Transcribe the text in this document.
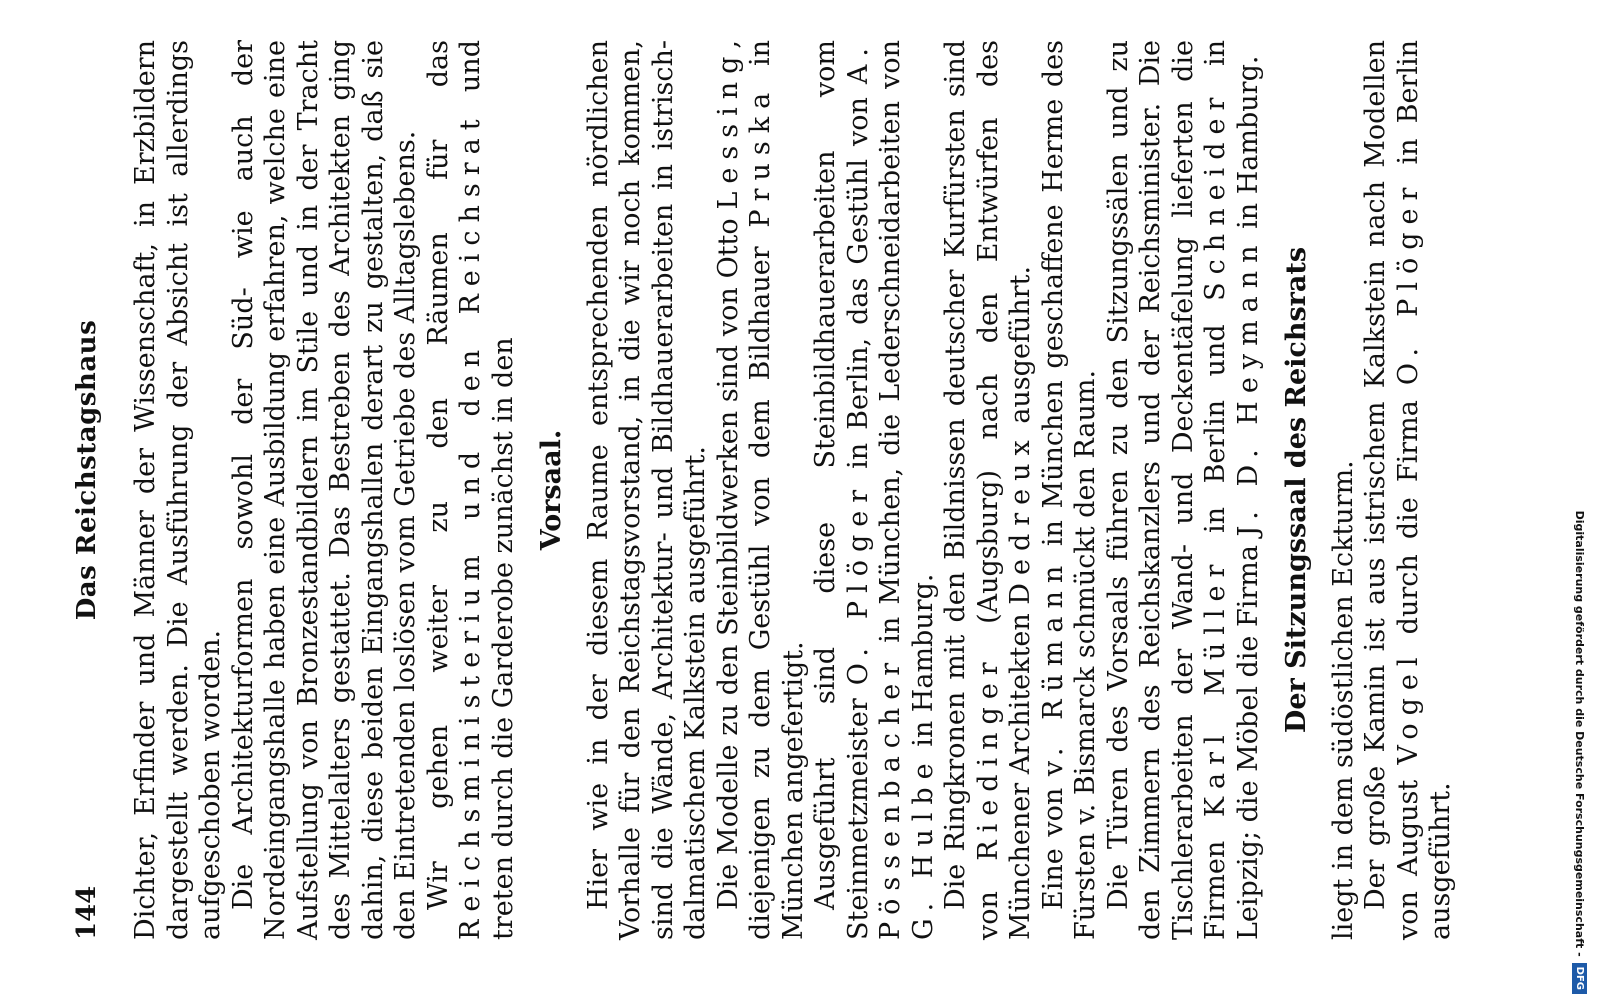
144
Das Reichstagshaus Dichter, Erfinder und Männer der Wissenschaft, in Erzbildern dargestellt werden. Die Ausführung der Absicht ist allerdings aufgeschoben worden. Die Architekturformen sowohl der Süd- wie auch der Nordeingangshalle haben eine Ausbildung erfahren, welche eine Aufstellung von Bronzestandbildern im Stile und in der Tracht des Mittelalters gestattet. Das Bestreben des Architekten ging dahin, diese beiden Eingangshallen derart zu gestalten, daß sie den Eintretenden loslösen vom Getriebe des Alltagslebens. Wir gehen weiter zu den Räumen für das Reichsministerium und den Reichsrat und treten durch die Garderobe zunächst in den Vorsaal. Hier wie in der diesem Raume entsprechenden nördlichen Vorhalle für den Reichstagsvorstand, in die wir noch kommen, sind die Wände, Architektur- und Bildhauerarbeiten in istrisch-dalmatischem Kalkstein ausgeführt. Die Modelle zu den Steinbildwerken sind von Otto Lessing, diejenigen zu dem Gestühl von dem Bildhauer Pruska in München angefertigt. Ausgeführt sind diese Steinbildhauerarbeiten vom Steinmetzmeister O. Plöger in Berlin, das Gestühl von A. Pössenbacher in München, die Lederschneidarbeiten von G. Hulbe in Hamburg. Die Ringkronen mit den Bildnissen deutscher Kurfürsten sind von Riedinger (Augsburg) nach den Entwürfen des Münchener Architekten Dedreux ausgeführt.

Eine von v. Rümann in München geschaffene Herme des Fürsten v. Bismarck schmückt den Raum. Die Türen des Vorsaals führen zu den Sitzungssälen und zu den Zimmern des Reichskanzlers und der Reichsminister. Die Tischlerarbeiten der Wand- und Deckentäfelung lieferten die Firmen Karl Müller in Berlin und Schneider in Leipzig; die Möbel die Firma J. D. Heymann in Hamburg.

Der Sitzungssaal des Reichsrats liegt in dem südöstlichen Eckturm. Der große Kamin ist aus istrischem Kalkstein nach Modellen von August Vogel durch die Firma O. Plöger in Berlin ausgeführt.	Digitalisierung gefördert durch die Deutsche Forschungsgemeinschaft -
DFG
